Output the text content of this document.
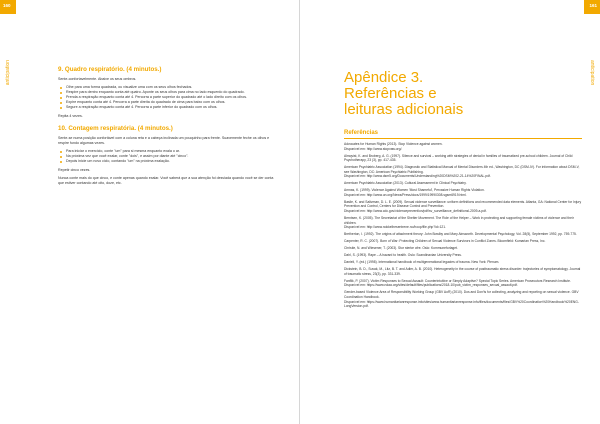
160
anticipation	9. Quadro respiratório. (4 minutos.)

Sente-confortavelmente. Abaixe os seus ombros.

Olhe para uma forma quadrada, ou visualize uma com os seus olhos fechados.
Respire para dentro enquanto conta até quatro. Aponte os seus olhos para cima no lado esquerdo do quadrado.
Prenda a respiração enquanto conta até 4. Percorra a parte superior do quadrado até o lado direito com os olhos.
Expire enquanto conta até 4. Percorra a parte direita do quadrado de cima para baixo com os olhos.
Segure a respiração enquanto conta até 4. Percorra a parte inferior do quadrado com os olhos.

Repita 4 vezes.

10. Contagem respiratória. (4 minutos.)

Sente-se numa posição confortável com a coluna reta e a cabeça inclinada um pouquinho para frente. Suavemente feche os olhos e respire fundo algumas vezes.

Para iniciar o exercício, conte "um" para si mesma enquanto exala o ar.
Na próxima vez que você exalar, conte "dois", e assim por diante até "cinco".
Depois inicie um novo ciclo, contando "um" na próxima exalação.

Repetir cinco vezes.

Nunca conte mais do que cinco, e conte apenas quando exalar. Você saberá que a sua atenção foi desviada quando você se der conta que estiver contando até oito, doze, etc.

161
anticipation
Apêndice 3.
Referências e
leituras adicionais
Referências
Advocates for Human Rights (2013). Stop Violence against women.
Disponível em: http://www.stopvaw.org/.
Almqvist, K. and Broberg, A. G. (1997). Silence and survival – working with strategies of denial in families of traumatized pre-school children. Journal of Child Psychotherapy, 23 (3), pp. 417-435.
American Psychiatric Association (1994). Diagnostic and Statistical Manual of Mental Disorders 4th ed., Washington, DC (DSM-IV). For information about DSM-V, see Washington, DC: American Psychiatric Publishing.
Disponível em: http://www.dsm5.org/Documents/Understanding%20DSM%202-21-14%20FINAL.pdf.
American Psychiatric Association (2013). Cultural Assessment in Clinical Psychiatry.
Amnas, K. (1999). Violence Against Women 'Most Shameful', Pervasive Human Rights Violation.
Disponível em: http://www.un.org/News/Press/docs/1999/19990308.sgsm6919.html.
Basile, K. and Saltzman, D. L. E. (2009). Sexual violence surveillance: uniform definitions and recommended data elements. Atlanta, GA: National Center for Injury Prevention and Control, Centers for Disease Control and Prevention.
Disponível em: http://www.cdc.gov/violenceprevention/pdf/sv_surveillance_definitionsl-2009-a.pdf.
Berntsen, K. (2005). The Secretariat of the Shelter Movement. The Role of the Helper – Work in protecting and supporting female victims of violence and their children.
Disponível em: http://www.nokkelhesentrene.no/hoop/file.php?id=121.
Bretherton, I. (1992). The origins of attachment theory: John Bowlby and Mary Ainsworth. Developmental Psychology, Vol. 28(5), September 1992, pp. 759-775.
Carpenter, R. C. (2007). Born of War: Protecting Children of Sexual Violence Survivors in Conflict Zones. Bloomfield: Kumarian Press, Inc.
Christie, N. and Wiesener, T. (2003). Stor sterke ofre. Oslo: Kommuneforlaget.
Dahl, S. (1993). Rape – A hazard to health. Oslo: Scandinavian University Press.
Danieli, Y. (ed.) (1998). International handbook of multigenerational legacies of trauma. New York: Plenum.
Dickstein, B. D., Suvak, M., Litz, B. T. and Adler, A. B. (2010). Heterogeneity in the course of posttraumatic stress disorder: trajectories of symptomatology. Journal of traumatic stress, 23(3), pp. 331-339.
Fanflik, P. (2007). Victim Responses to Sexual Assault: Counterintuitive or Simply Adaptive? Special Topic Series. American Prosecutors Research Institute.
Disponível em: https://www.ndaa.org/sites/default/files/publications/2018-10/pub_victim_responses_sexual_assault.pdf.
Gender-based Violence Area of Responsibility Working Group (GBV AoR) (2010). Dos and Don'ts for collecting, analyzing and reporting on sexual violence. GBV Coordination Handbook.
Disponível em: https://www.humanitarianresponse.info/sites/www.humanitarianresponse.info/files/documents/files/GBV%20Coordination%20Handbook%20ENG-LongVersion.pdf.
